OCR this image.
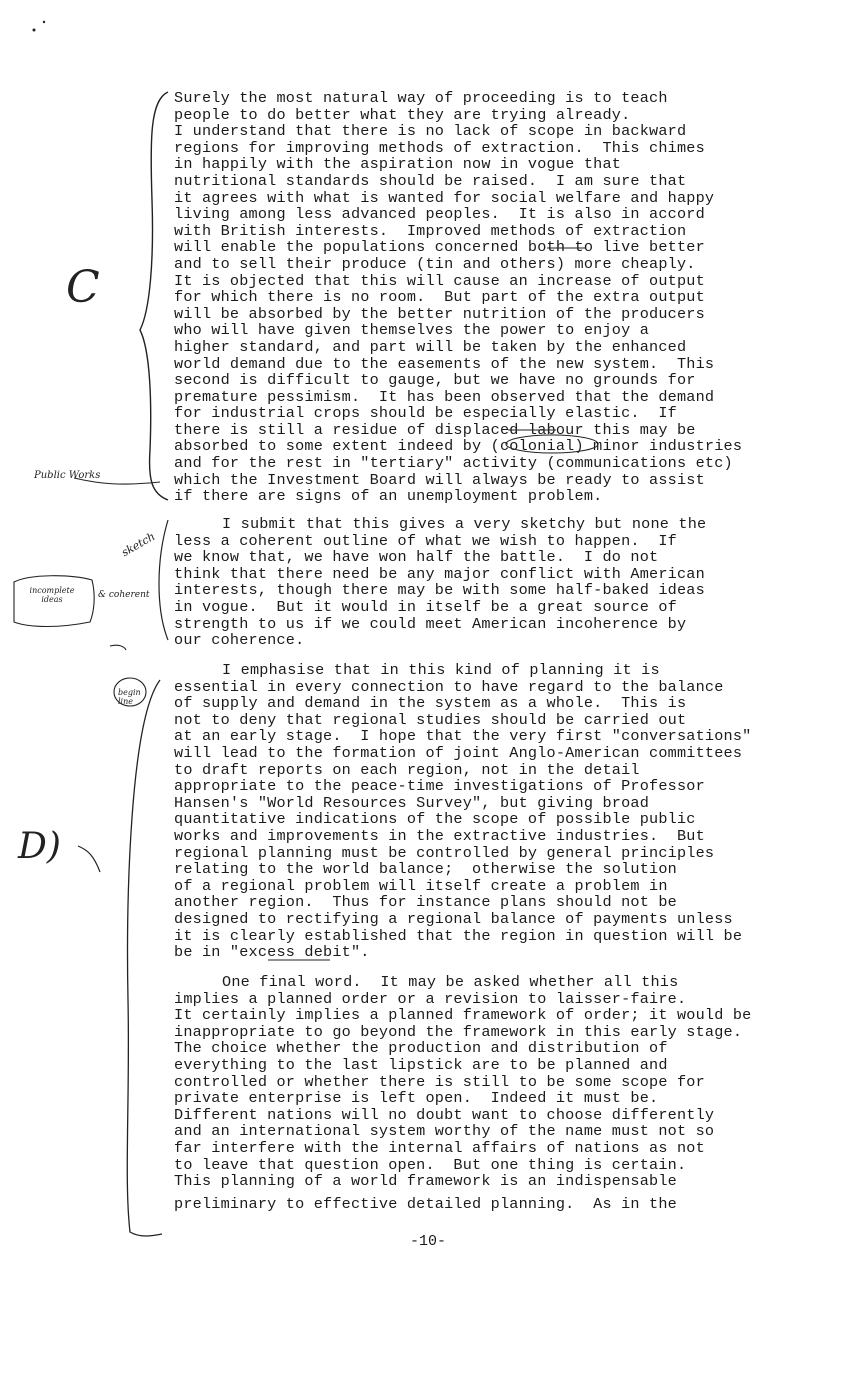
Surely the most natural way of proceeding is to teach
people to do better what they are trying already.
I understand that there is no lack of scope in backward
regions for improving methods of extraction.  This chimes
in happily with the aspiration now in vogue that
nutritional standards should be raised.  I am sure that
it agrees with what is wanted for social welfare and happy
living among less advanced peoples.  It is also in accord
with British interests.  Improved methods of extraction
will enable the populations concerned both to live better
and to sell their produce (tin and others) more cheaply.
It is objected that this will cause an increase of output
for which there is no room.  But part of the extra output
will be absorbed by the better nutrition of the producers
who will have given themselves the power to enjoy a
higher standard, and part will be taken by the enhanced
world demand due to the easements of the new system.  This
second is difficult to gauge, but we have no grounds for
premature pessimism.  It has been observed that the demand
for industrial crops should be especially elastic.  If
there is still a residue of displaced labour this may be
absorbed to some extent indeed by (colonial) minor industries
and for the rest in "tertiary" activity (communications etc)
which the Investment Board will always be ready to assist
if there are signs of an unemployment problem.
I submit that this gives a very sketchy but none the
less a coherent outline of what we wish to happen.  If
we know that, we have won half the battle.  I do not
think that there need be any major conflict with American
interests, though there may be with some half-baked ideas
in vogue.  But it would in itself be a great source of
strength to us if we could meet American incoherence by
our coherence.
I emphasise that in this kind of planning it is
essential in every connection to have regard to the balance
of supply and demand in the system as a whole.  This is
not to deny that regional studies should be carried out
at an early stage.  I hope that the very first "conversations"
will lead to the formation of joint Anglo-American committees
to draft reports on each region, not in the detail
appropriate to the peace-time investigations of Professor
Hansen's "World Resources Survey", but giving broad
quantitative indications of the scope of possible public
works and improvements in the extractive industries.  But
regional planning must be controlled by general principles
relating to the world balance;  otherwise the solution
of a regional problem will itself create a problem in
another region.  Thus for instance plans should not be
designed to rectifying a regional balance of payments unless
it is clearly established that the region in question will be
be in "excess debit".
One final word.  It may be asked whether all this
implies a planned order or a revision to laisser-faire.
It certainly implies a planned framework of order; it would be
inappropriate to go beyond the framework in this early stage.
The choice whether the production and distribution of
everything to the last lipstick are to be planned and
controlled or whether there is still to be some scope for
private enterprise is left open.  Indeed it must be.
Different nations will no doubt want to choose differently
and an international system worthy of the name must not so
far interfere with the internal affairs of nations as not
to leave that question open.  But one thing is certain.
This planning of a world framework is an indispensable
preliminary to effective detailed planning.  As in the
-10-
C
D)
Public Works
sketch
incomplete ideas	& coherent
begin line
